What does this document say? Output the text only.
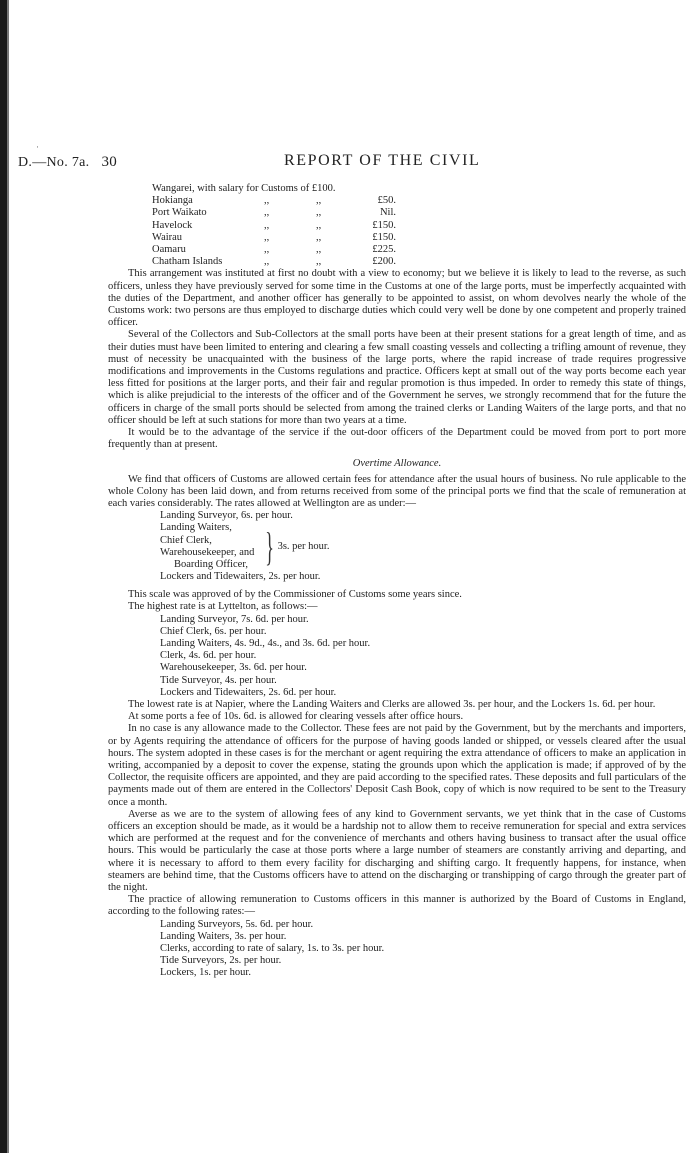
·
D.—No. 7a. 30	REPORT OF THE CIVIL
Wangarei, with salary for Customs of
£100.
Hokianga	,,	,,	£50.
Port Waikato	,,	,,	Nil.
Havelock	,,	,,	£150.
Wairau	,,	,,	£150.
Oamaru	,,	,,	£225.
Chatham Islands	,,	,,	£200.

This arrangement was instituted at first no doubt with a view to economy; but we believe it is likely to lead to the reverse, as such officers, unless they have previously served for some time in the Customs at one of the large ports, must be imperfectly acquainted with the duties of the Department, and another officer has generally to be appointed to assist, on whom devolves nearly the whole of the Customs work: two persons are thus employed to discharge duties which could very well be done by one competent and properly trained officer.

Several of the Collectors and Sub-Collectors at the small ports have been at their present stations for a great length of time, and as their duties must have been limited to entering and clearing a few small coasting vessels and collecting a trifling amount of revenue, they must of necessity be unacquainted with the business of the large ports, where the rapid increase of trade requires progressive modifications and improvements in the Customs regulations and practice. Officers kept at small out of the way ports become each year less fitted for positions at the larger ports, and their fair and regular promotion is thus impeded. In order to remedy this state of things, which is alike prejudicial to the interests of the officer and of the Government he serves, we strongly recommend that for the future the officers in charge of the small ports should be selected from among the trained clerks or Landing Waiters of the large ports, and that no officer should be left at such stations for more than two years at a time.

It would be to the advantage of the service if the out-door officers of the Department could be moved from port to port more frequently than at present.

Overtime Allowance.

We find that officers of Customs are allowed certain fees for attendance after the usual hours of business. No rule applicable to the whole Colony has been laid down, and from returns received from some of the principal ports we find that the scale of remuneration at each varies considerably. The rates allowed at Wellington are as under:—

Landing Surveyor, 6s. per hour.
Landing Waiters,
Chief Clerk,
Warehousekeeper, and
Boarding Officer, } 3s. per hour.
Lockers and Tidewaiters, 2s. per hour.
This scale was approved of by the Commissioner of Customs some years since.
The highest rate is at Lyttelton, as follows:—
Landing Surveyor, 7s. 6d. per hour.
Chief Clerk, 6s. per hour.
Landing Waiters, 4s. 9d., 4s., and 3s. 6d. per hour.
Clerk, 4s. 6d. per hour.
Warehousekeeper, 3s. 6d. per hour.
Tide Surveyor, 4s. per hour.
Lockers and Tidewaiters, 2s. 6d. per hour.

The lowest rate is at Napier, where the Landing Waiters and Clerks are allowed 3s. per hour, and the Lockers 1s. 6d. per hour.

At some ports a fee of 10s. 6d. is allowed for clearing vessels after office hours.

In no case is any allowance made to the Collector. These fees are not paid by the Government, but by the merchants and importers, or by Agents requiring the attendance of officers for the purpose of having goods landed or shipped, or vessels cleared after the usual hours. The system adopted in these cases is for the merchant or agent requiring the extra attendance of officers to make an application in writing, accompanied by a deposit to cover the expense, stating the grounds upon which the application is made; if approved of by the Collector, the requisite officers are appointed, and they are paid according to the specified rates. These deposits and full particulars of the payments made out of them are entered in the Collectors' Deposit Cash Book, copy of which is now required to be sent to the Treasury once a month.

Averse as we are to the system of allowing fees of any kind to Government servants, we yet think that in the case of Customs officers an exception should be made, as it would be a hardship not to allow them to receive remuneration for special and extra services which are performed at the request and for the convenience of merchants and others having business to transact after the usual office hours. This would be particularly the case at those ports where a large number of steamers are constantly arriving and departing, and where it is necessary to afford to them every facility for discharging and shifting cargo. It frequently happens, for instance, when steamers are behind time, that the Customs officers have to attend on the discharging or transhipping of cargo through the greater part of the night.

The practice of allowing remuneration to Customs officers in this manner is authorized by the Board of Customs in England, according to the following rates:—

Landing Surveyors, 5s. 6d. per hour.
Landing Waiters, 3s. per hour.
Clerks, according to rate of salary, 1s. to 3s. per hour.
Tide Surveyors, 2s. per hour.
Lockers, 1s. per hour.
